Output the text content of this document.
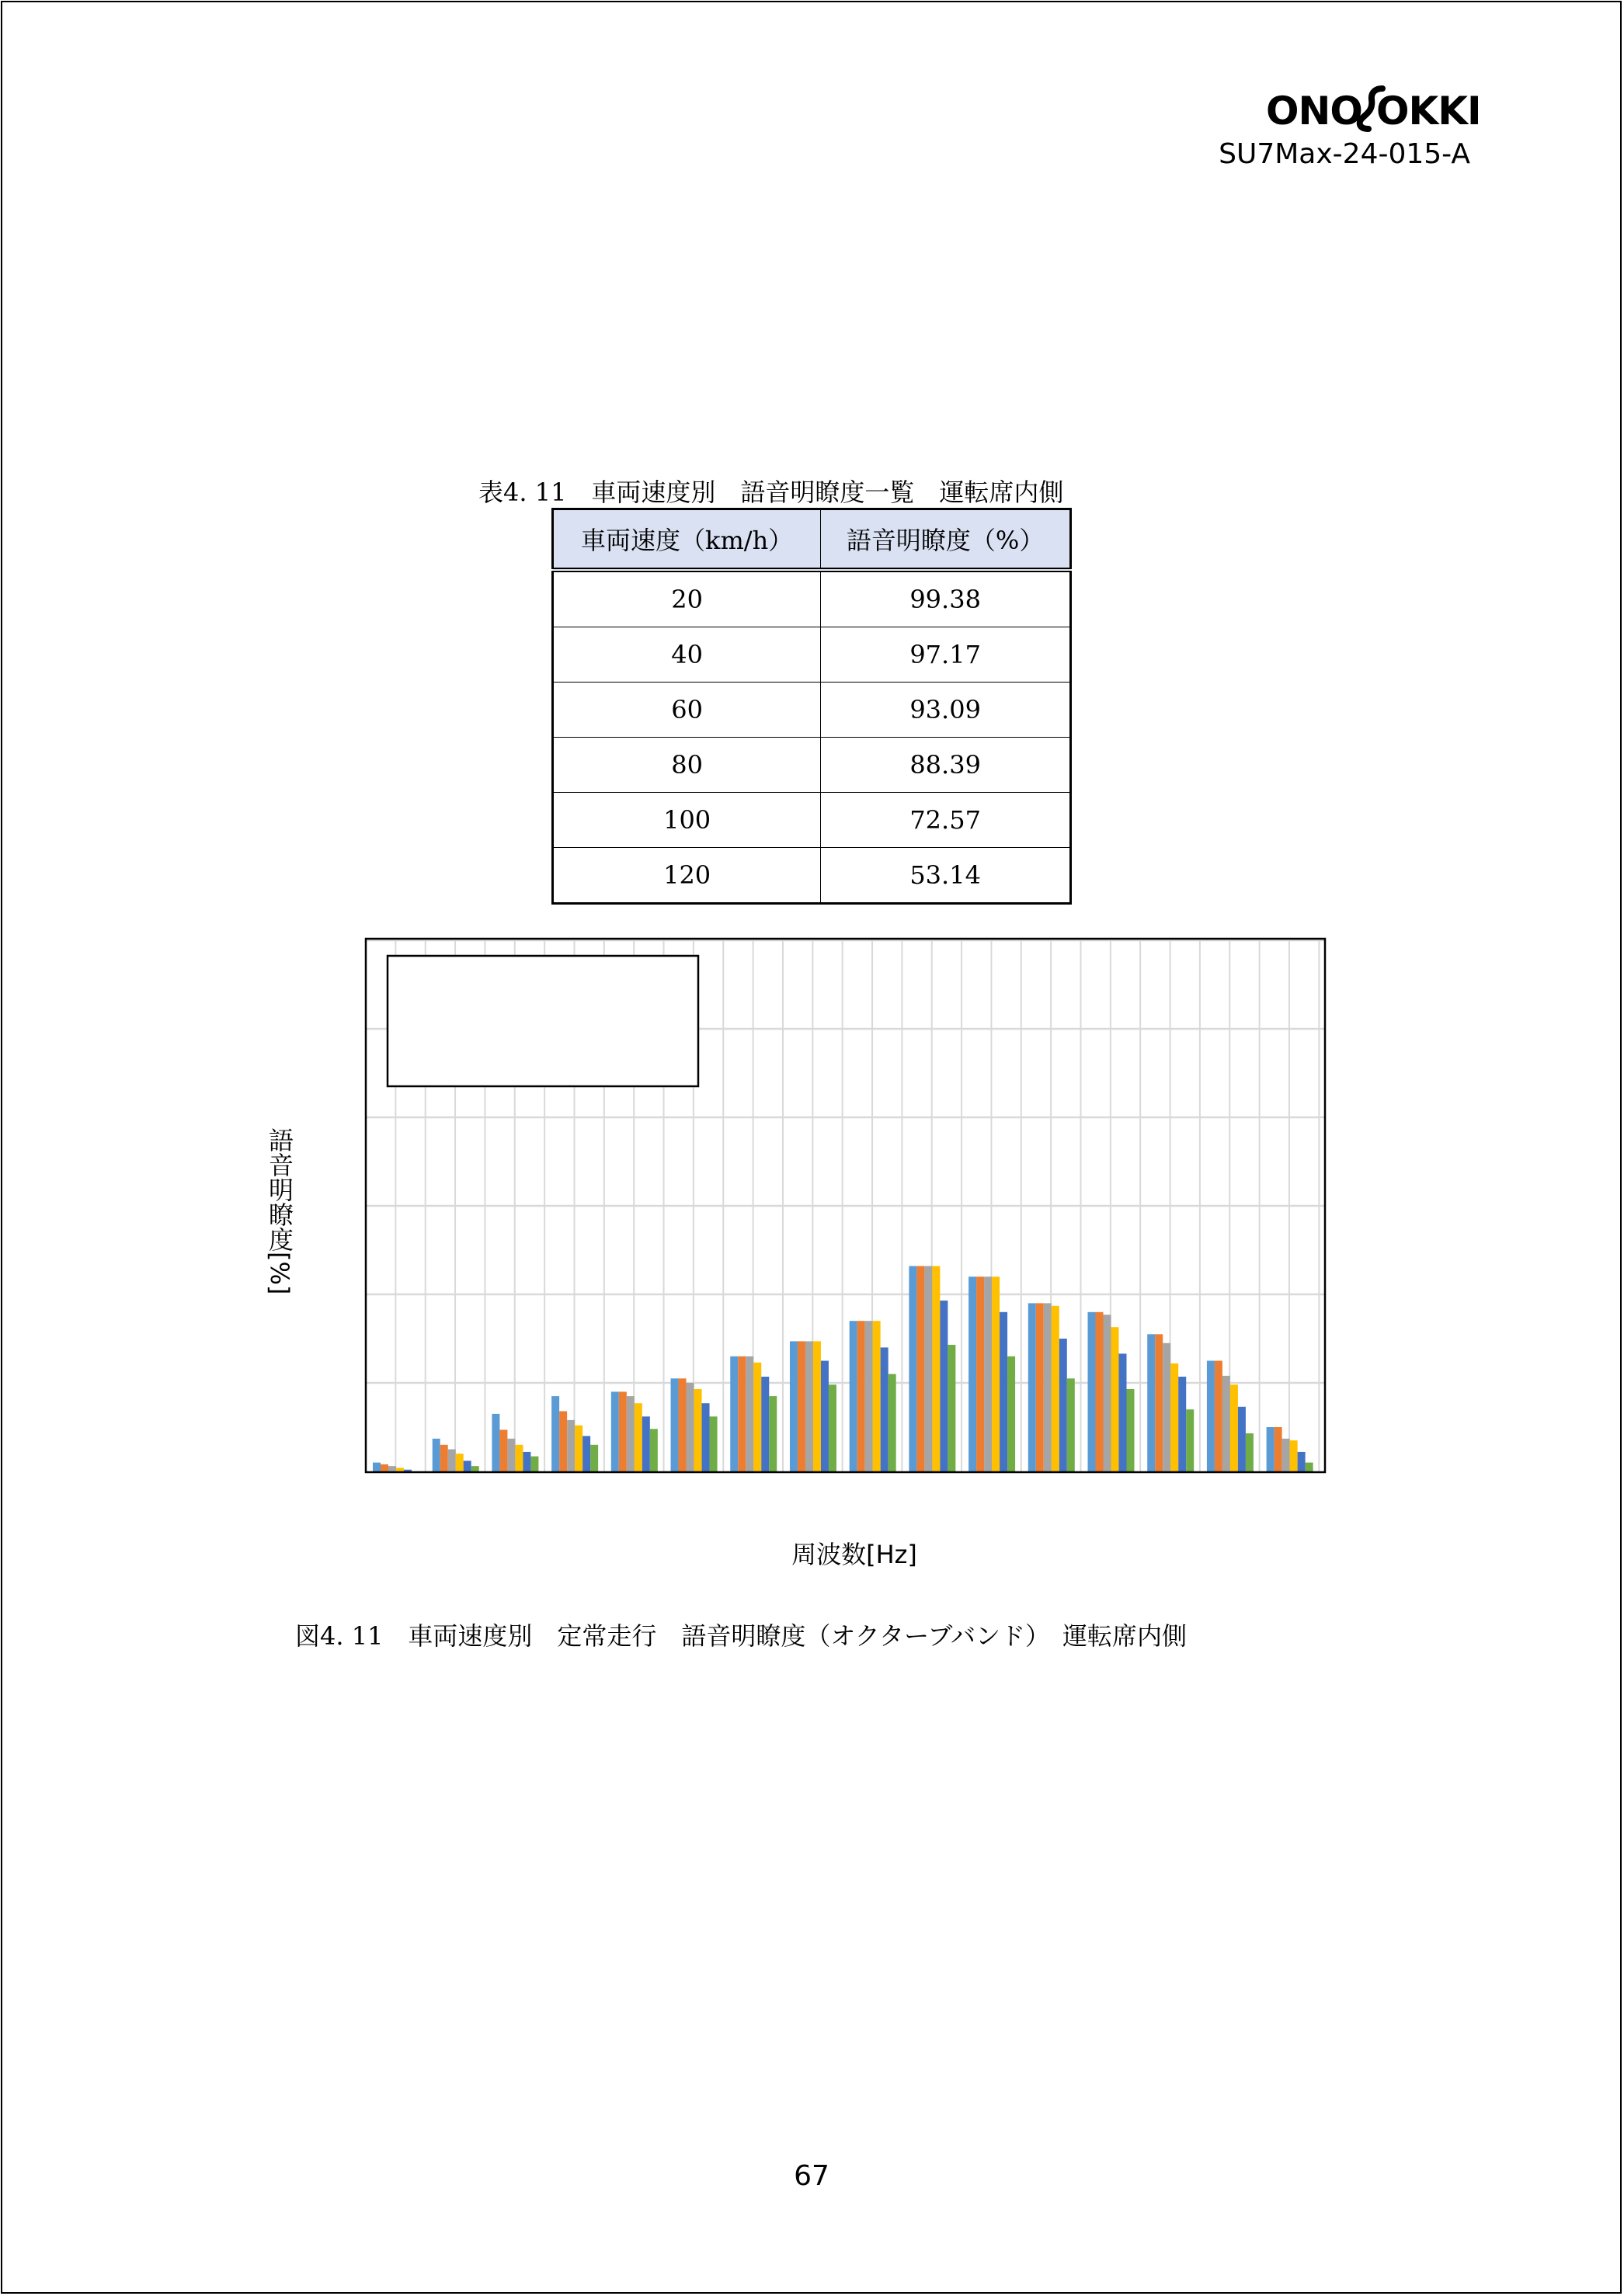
ONO OKKI
SU7Max-24-015-A
表4. 11　車両速度別　語音明瞭度一覧　運転席内側
車両速度（km/h）	語音明瞭度（%）
20	99.38
40	97.17
60	93.09
80	88.39
100	72.57
120	53.14
語音明瞭度[%]
周波数[Hz]
図4. 11　車両速度別　定常走行　語音明瞭度（オクターブバンド）　運転席内側
67
